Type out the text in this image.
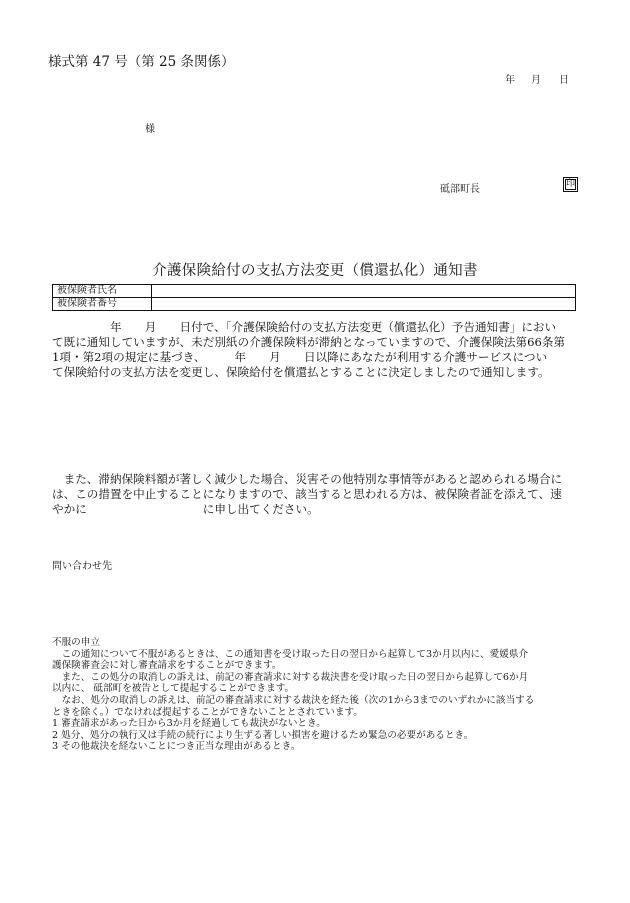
様式第 47 号（第 25 条関係）
年 月 日
様
砥部町長	印
介護保険給付の支払方法変更（償還払化）通知書
被保険者氏名	
被保険者番号	
　　　　　年　　月　　日付で、「介護保険給付の支払方法変更（償還払化）予告通知書」におい
て既に通知していますが、未だ別紙の介護保険料が滞納となっていますので、介護保険法第66条第
1項・第2項の規定に基づき、　　　年　　月　　日以降にあなたが利用する介護サービスについ
て保険給付の支払方法を変更し、保険給付を償還払とすることに決定しましたので通知します。
　また、滞納保険料額が著しく減少した場合、災害その他特別な事情等があると認められる場合に
は、この措置を中止することになりますので、該当すると思われる方は、被保険者証を添えて、速
やかに　　　　　　　　　　に申し出てください。
問い合わせ先
不服の申立
　この通知について不服があるときは、この通知書を受け取った日の翌日から起算して3か月以内に、愛媛県介
護保険審査会に対し審査請求をすることができます。
　また、この処分の取消しの訴えは、前記の審査請求に対する裁決書を受け取った日の翌日から起算して6か月
以内に、 砥部町を被告として提起することができます。
　なお、処分の取消しの訴えは、前記の審査請求に対する裁決を経た後（次の1から3までのいずれかに該当する
ときを除く。）でなければ提起することができないこととされています。
1 審査請求があった日から3か月を経過しても裁決がないとき。
2 処分、処分の執行又は手続の続行により生ずる著しい損害を避けるため緊急の必要があるとき。
3 その他裁決を経ないことにつき正当な理由があるとき。
